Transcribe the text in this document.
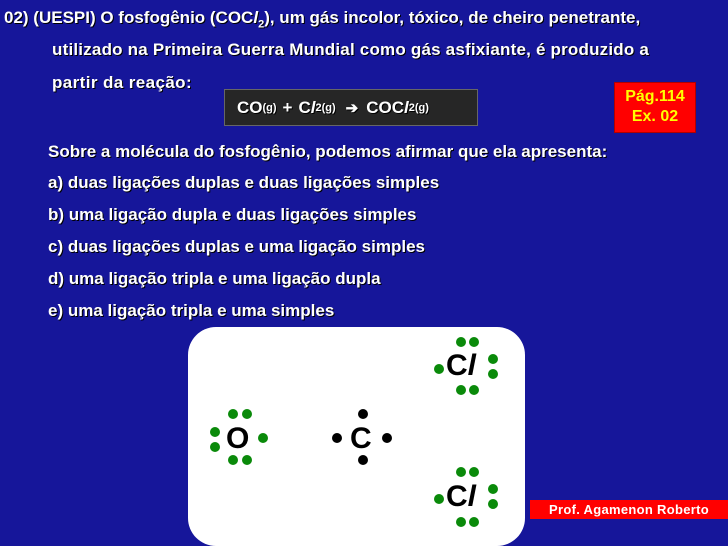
02) (UESPI) O fosfogênio (COCl$_2$), um gás incolor, tóxico, de cheiro penetrante,
utilizado na Primeira Guerra Mundial como gás asfixiante, é produzido a
partir da reação:
CO (g) + Cl 2(g) ➔ COCl 2(g)
Pág.114
Ex. 02
Sobre a molécula do fosfogênio, podemos afirmar que ela apresenta:
a) duas ligações duplas e duas ligações simples
b) uma ligação dupla e duas ligações simples
c) duas ligações duplas e uma ligação simples
d) uma ligação tripla e uma ligação dupla
e) uma ligação tripla e uma simples
Cl
O	C
Cl	Prof. Agamenon Roberto
